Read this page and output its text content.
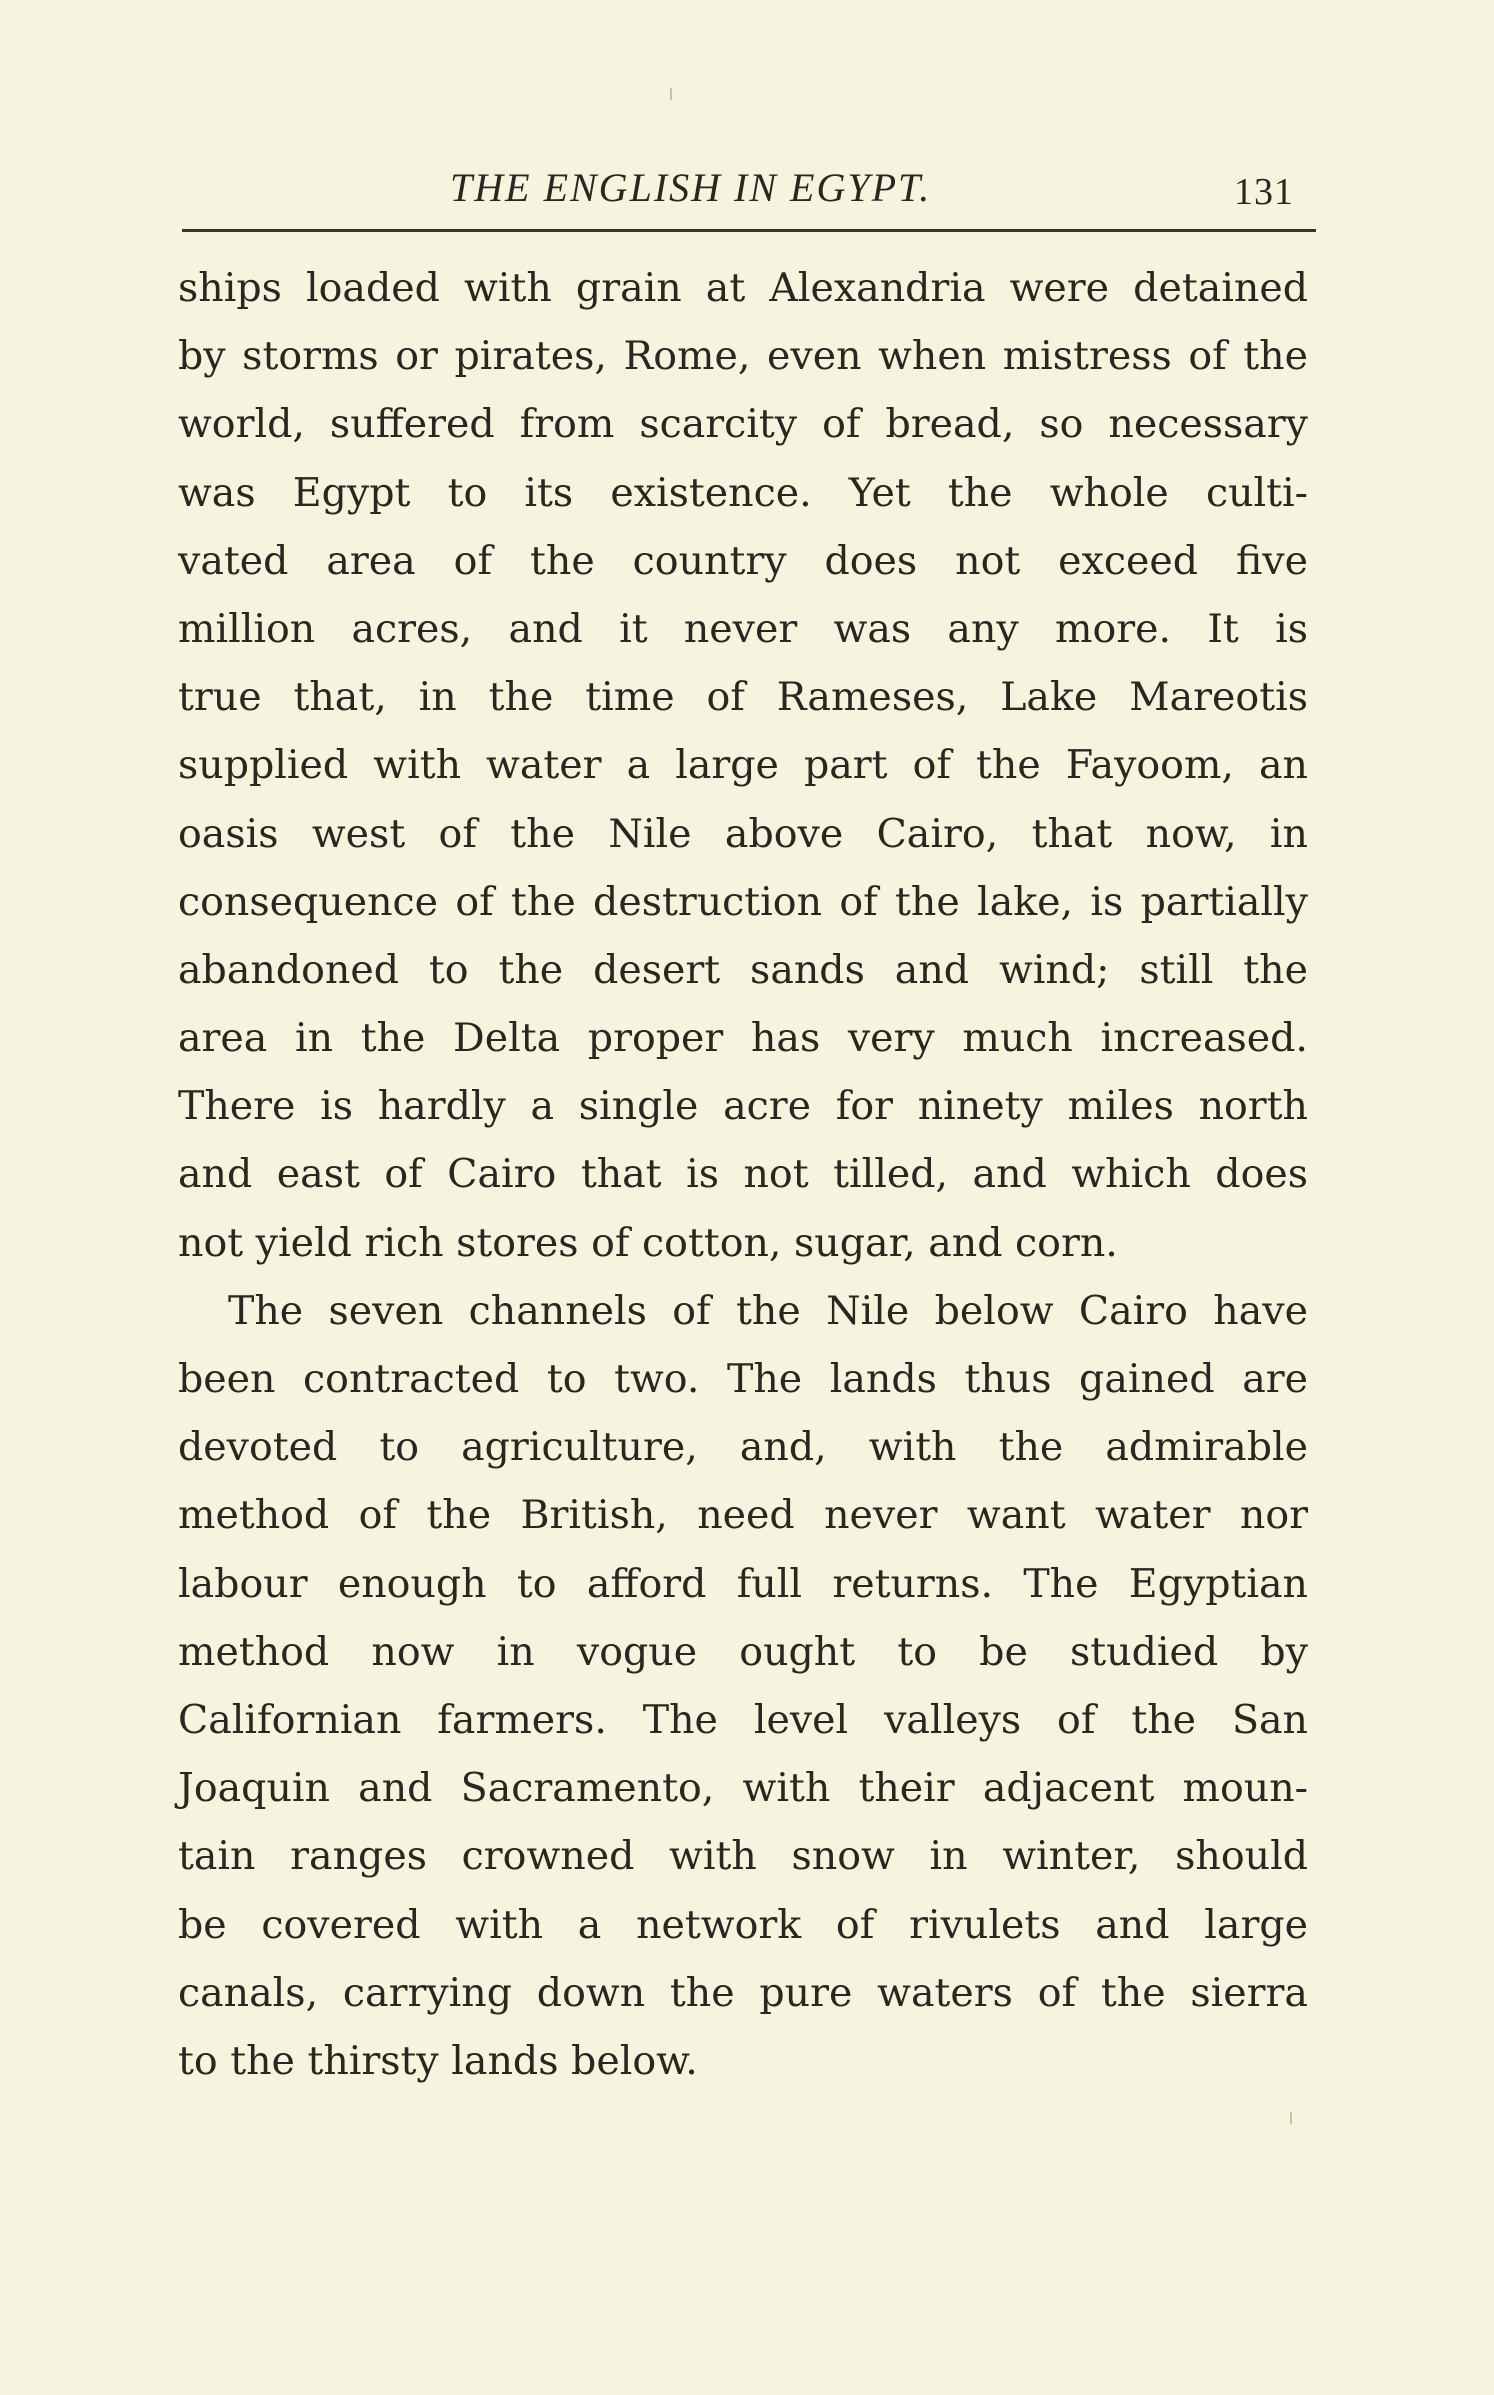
THE ENGLISH IN EGYPT.	131
ships loaded with grain at Alexandria were detained
by storms or pirates, Rome, even when mistress of the
world, suffered from scarcity of bread, so necessary
was Egypt to its existence. Yet the whole culti-
vated area of the country does not exceed five
million acres, and it never was any more. It is
true that, in the time of Rameses, Lake Mareotis
supplied with water a large part of the Fayoom, an
oasis west of the Nile above Cairo, that now, in
consequence of the destruction of the lake, is partially
abandoned to the desert sands and wind; still the
area in the Delta proper has very much increased.
There is hardly a single acre for ninety miles north
and east of Cairo that is not tilled, and which does
not yield rich stores of cotton, sugar, and corn.
The seven channels of the Nile below Cairo have
been contracted to two. The lands thus gained are
devoted to agriculture, and, with the admirable
method of the British, need never want water nor
labour enough to afford full returns. The Egyptian
method now in vogue ought to be studied by
Californian farmers. The level valleys of the San
Joaquin and Sacramento, with their adjacent moun-
tain ranges crowned with snow in winter, should
be covered with a network of rivulets and large
canals, carrying down the pure waters of the sierra
to the thirsty lands below.
